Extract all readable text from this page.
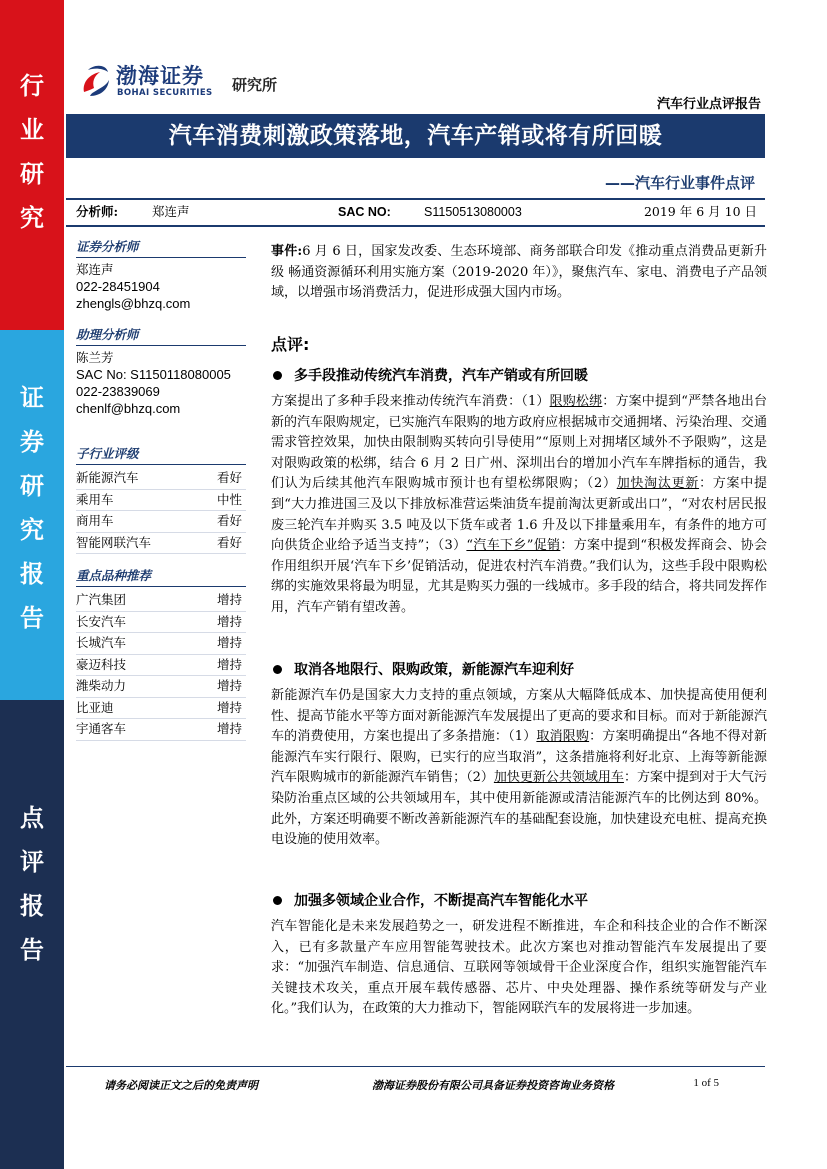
行
业
研
究
证
券
研
究
报
告
点
评
报
告
渤海证券
BOHAI SECURITIES 研究所
汽车行业点评报告
汽车消费刺激政策落地，汽车产销或将有所回暖
——汽车行业事件点评
分析师:	郑连声	SAC NO:	S1150513080003	2019 年 6 月 10 日
证券分析师
郑连声
022-28451904
zhengls@bhzq.com
助理分析师
陈兰芳
SAC No: S1150118080005
022-23839069
chenlf@bhzq.com
子行业评级
新能源汽车	看好
乘用车	中性
商用车	看好
智能网联汽车	看好
重点品种推荐
广汽集团	增持
长安汽车	增持
长城汽车	增持
豪迈科技	增持
潍柴动力	增持
比亚迪	增持
宇通客车	增持

事件:6 月 6 日，国家发改委、生态环境部、商务部联合印发《推动重点消费品更新升级 畅通资源循环利用实施方案（2019-2020 年）》，聚焦汽车、家电、消费电子产品领域，以增强市场消费活力，促进形成强大国内市场。

点评:
多手段推动传统汽车消费，汽车产销或有所回暖

方案提出了多种手段来推动传统汽车消费：（1）限购松绑：方案中提到“严禁各地出台新的汽车限购规定，已实施汽车限购的地方政府应根据城市交通拥堵、污染治理、交通需求管控效果，加快由限制购买转向引导使用”“原则上对拥堵区域外不予限购”，这是对限购政策的松绑，结合 6 月 2 日广州、深圳出台的增加小汽车车牌指标的通告，我们认为后续其他汽车限购城市预计也有望松绑限购；（2）加快淘汰更新：方案中提到“大力推进国三及以下排放标准营运柴油货车提前淘汰更新或出口”，“对农村居民报废三轮汽车并购买 3.5 吨及以下货车或者 1.6 升及以下排量乘用车，有条件的地方可向供货企业给予适当支持”；（3）“汽车下乡”促销：方案中提到“积极发挥商会、协会作用组织开展‘汽车下乡’促销活动，促进农村汽车消费。”我们认为，这些手段中限购松绑的实施效果将最为明显，尤其是购买力强的一线城市。多手段的结合，将共同发挥作用，汽车产销有望改善。

取消各地限行、限购政策，新能源汽车迎利好

新能源汽车仍是国家大力支持的重点领域，方案从大幅降低成本、加快提高使用便利性、提高节能水平等方面对新能源汽车发展提出了更高的要求和目标。而对于新能源汽车的消费使用，方案也提出了多条措施：（1）取消限购：方案明确提出“各地不得对新能源汽车实行限行、限购，已实行的应当取消”，这条措施将利好北京、上海等新能源汽车限购城市的新能源汽车销售；（2）加快更新公共领域用车：方案中提到对于大气污染防治重点区域的公共领域用车，其中使用新能源或清洁能源汽车的比例达到 80%。此外，方案还明确要不断改善新能源汽车的基础配套设施，加快建设充电桩、提高充换电设施的使用效率。

加强多领域企业合作，不断提高汽车智能化水平

汽车智能化是未来发展趋势之一，研发进程不断推进，车企和科技企业的合作不断深入，已有多款量产车应用智能驾驶技术。此次方案也对推动智能汽车发展提出了要求：“加强汽车制造、信息通信、互联网等领域骨干企业深度合作，组织实施智能汽车关键技术攻关，重点开展车载传感器、芯片、中央处理器、操作系统等研发与产业化。”我们认为，在政策的大力推动下，智能网联汽车的发展将进一步加速。

请务必阅读正文之后的免责声明	渤海证券股份有限公司具备证券投资咨询业务资格	1 of 5
